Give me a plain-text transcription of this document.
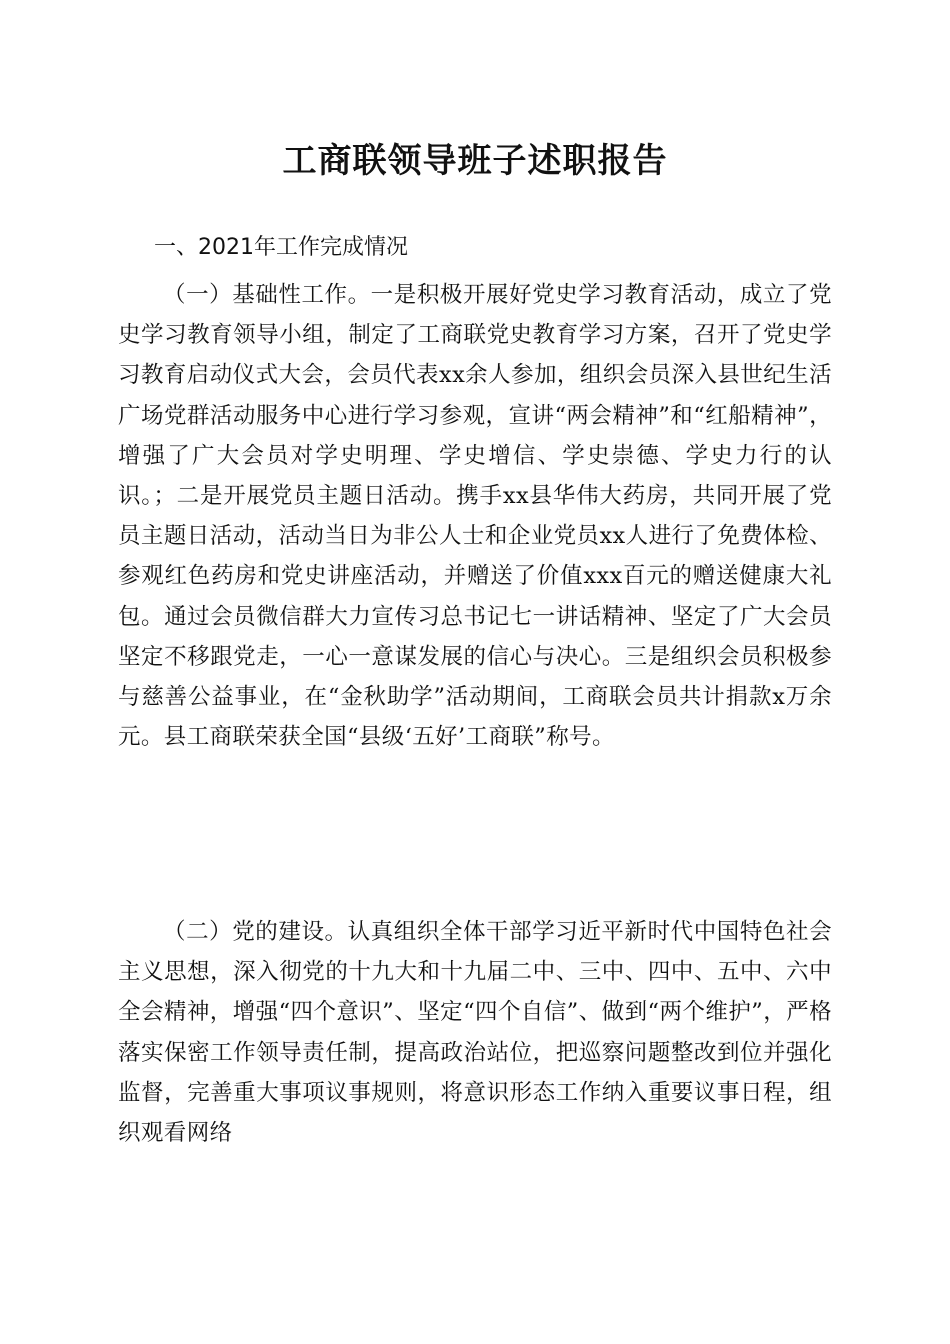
工商联领导班子述职报告
一、2021年工作完成情况

（一）基础性工作。一是积极开展好党史学习教育活动，成立了党史学习教育领导小组，制定了工商联党史教育学习方案，召开了党史学习教育启动仪式大会，会员代表xx余人参加，组织会员深入县世纪生活广场党群活动服务中心进行学习参观，宣讲“两会精神”和“红船精神”，增强了广大会员对学史明理、学史增信、学史崇德、学史力行的认识。；二是开展党员主题日活动。携手xx县华伟大药房，共同开展了党员主题日活动，活动当日为非公人士和企业党员xx人进行了免费体检、参观红色药房和党史讲座活动，并赠送了价值xxx百元的赠送健康大礼包。通过会员微信群大力宣传习总书记七一讲话精神、坚定了广大会员坚定不移跟党走，一心一意谋发展的信心与决心。三是组织会员积极参与慈善公益事业，在“金秋助学”活动期间，工商联会员共计捐款x万余元。县工商联荣获全国“县级‘五好’工商联”称号。

（二）党的建设。认真组织全体干部学习近平新时代中国特色社会主义思想，深入彻党的十九大和十九届二中、三中、四中、五中、六中全会精神，增强“四个意识”、坚定“四个自信”、做到“两个维护”，严格落实保密工作领导责任制，提高政治站位，把巡察问题整改到位并强化监督，完善重大事项议事规则，将意识形态工作纳入重要议事日程，组织观看网络
